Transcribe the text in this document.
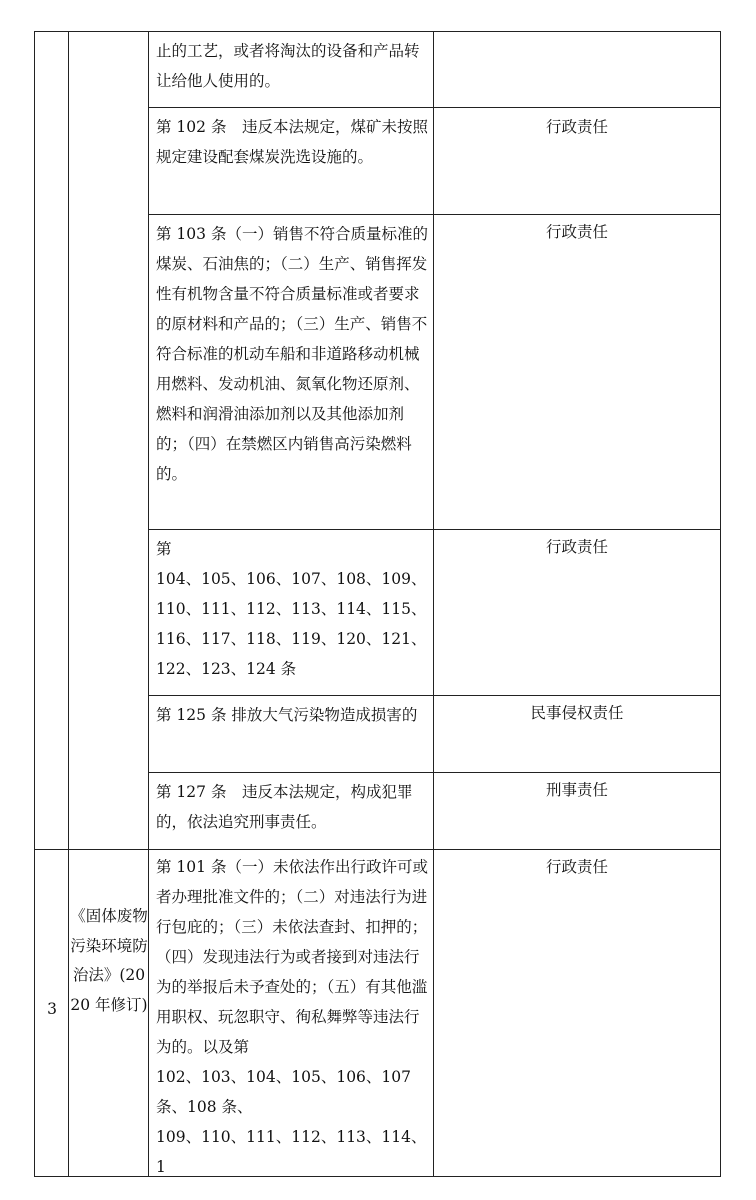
止的工艺，或者将淘汰的设备和产品转让给他人使用的。
第 102 条　违反本法规定，煤矿未按照规定建设配套煤炭洗选设施的。
行政责任
第 103 条（一）销售不符合质量标准的煤炭、石油焦的；（二）生产、销售挥发性有机物含量不符合质量标准或者要求的原材料和产品的；（三）生产、销售不符合标准的机动车船和非道路移动机械用燃料、发动机油、氮氧化物还原剂、燃料和润滑油添加剂以及其他添加剂的；（四）在禁燃区内销售高污染燃料的。
行政责任
第
104、105、106、107、108、109、110、111、112、113、114、115、116、117、118、119、120、121、122、123、124 条
行政责任
第 125 条 排放大气污染物造成损害的	民事侵权责任
第 127 条　违反本法规定，构成犯罪的，依法追究刑事责任。
刑事责任
3
《固体废物污染环境防治法》(2020 年修订)
第 101 条（一）未依法作出行政许可或者办理批准文件的；（二）对违法行为进行包庇的；（三）未依法查封、扣押的；（四）发现违法行为或者接到对违法行为的举报后未予查处的；（五）有其他滥用职权、玩忽职守、徇私舞弊等违法行为的。以及第
102、103、104、105、106、107 条、108 条、
109、110、111、112、113、114、1
行政责任
